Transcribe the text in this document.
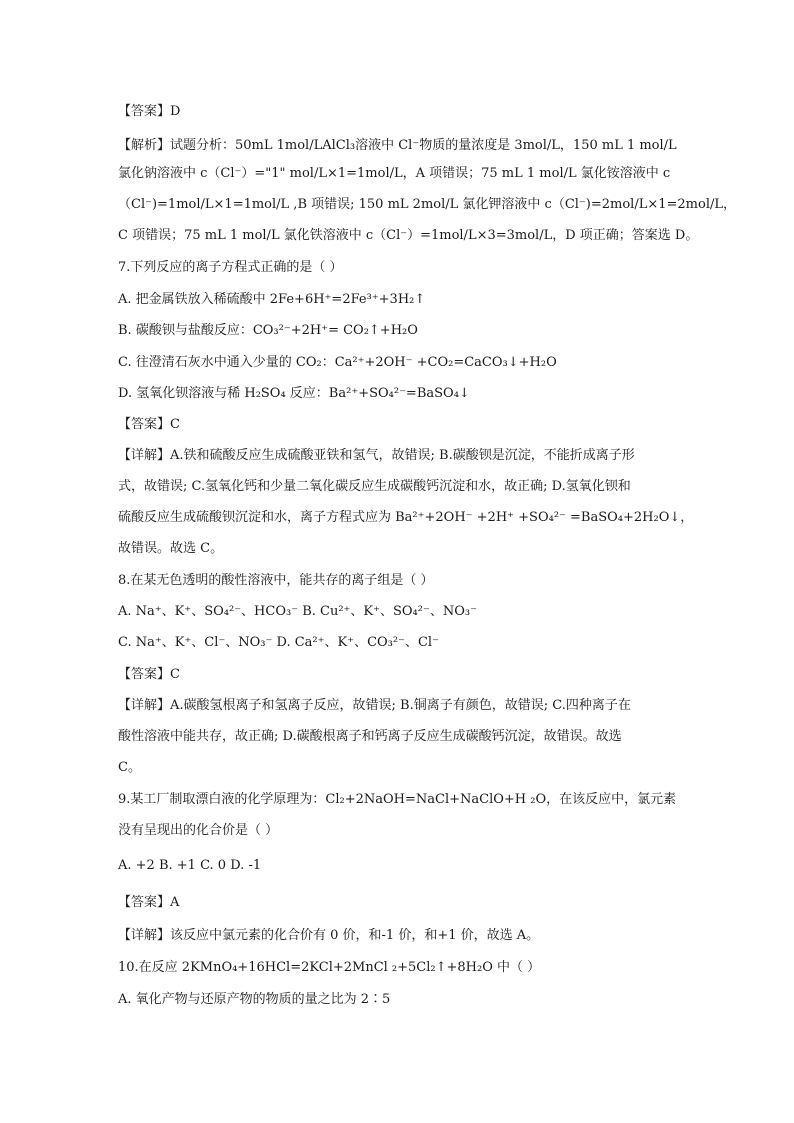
【答案】D
【解析】试题分析：50mL 1mol/LAlCl₃溶液中 Cl⁻物质的量浓度是 3mol/L，150 mL 1 mol/L
氯化钠溶液中 c（Cl⁻）="1" mol/L×1=1mol/L，A 项错误；75 mL 1 mol/L 氯化铵溶液中 c
（Cl⁻)=1mol/L×1=1mol/L ,B 项错误; 150 mL 2mol/L 氯化钾溶液中 c（Cl⁻)=2mol/L×1=2mol/L，
C 项错误；75 mL 1 mol/L 氯化铁溶液中 c（Cl⁻）=1mol/L×3=3mol/L，D 项正确；答案选 D。
7.下列反应的离子方程式正确的是（ ）
A. 把金属铁放入稀硫酸中 2Fe+6H⁺=2Fe³⁺+3H₂↑
B. 碳酸钡与盐酸反应：CO₃²⁻+2H⁺= CO₂↑+H₂O
C. 往澄清石灰水中通入少量的 CO₂：Ca²⁺+2OH⁻ +CO₂=CaCO₃↓+H₂O
D. 氢氧化钡溶液与稀 H₂SO₄ 反应：Ba²⁺+SO₄²⁻=BaSO₄↓
【答案】C
【详解】A.铁和硫酸反应生成硫酸亚铁和氢气，故错误; B.碳酸钡是沉淀，不能折成离子形
式，故错误; C.氢氧化钙和少量二氧化碳反应生成碳酸钙沉淀和水，故正确; D.氢氧化钡和
硫酸反应生成硫酸钡沉淀和水，离子方程式应为 Ba²⁺+2OH⁻ +2H⁺ +SO₄²⁻ =BaSO₄+2H₂O↓，
故错误。故选 C。
8.在某无色透明的酸性溶液中，能共存的离子组是（ ）
A. Na⁺、K⁺、SO₄²⁻、HCO₃⁻ B. Cu²⁺、K⁺、SO₄²⁻、NO₃⁻
C. Na⁺、K⁺、Cl⁻、NO₃⁻ D. Ca²⁺、K⁺、CO₃²⁻、Cl⁻
【答案】C
【详解】A.碳酸氢根离子和氢离子反应，故错误; B.铜离子有颜色，故错误; C.四种离子在
酸性溶液中能共存，故正确; D.碳酸根离子和钙离子反应生成碳酸钙沉淀，故错误。故选
C。
9.某工厂制取漂白液的化学原理为：Cl₂+2NaOH=NaCl+NaClO+H ₂O，在该反应中，氯元素
没有呈现出的化合价是（ ）
A. +2 B. +1 C. 0 D. -1
【答案】A
【详解】该反应中氯元素的化合价有 0 价，和-1 价，和+1 价，故选 A。
10.在反应 2KMnO₄+16HCl=2KCl+2MnCl ₂+5Cl₂↑+8H₂O 中（ ）
A. 氧化产物与还原产物的物质的量之比为 2∶5
